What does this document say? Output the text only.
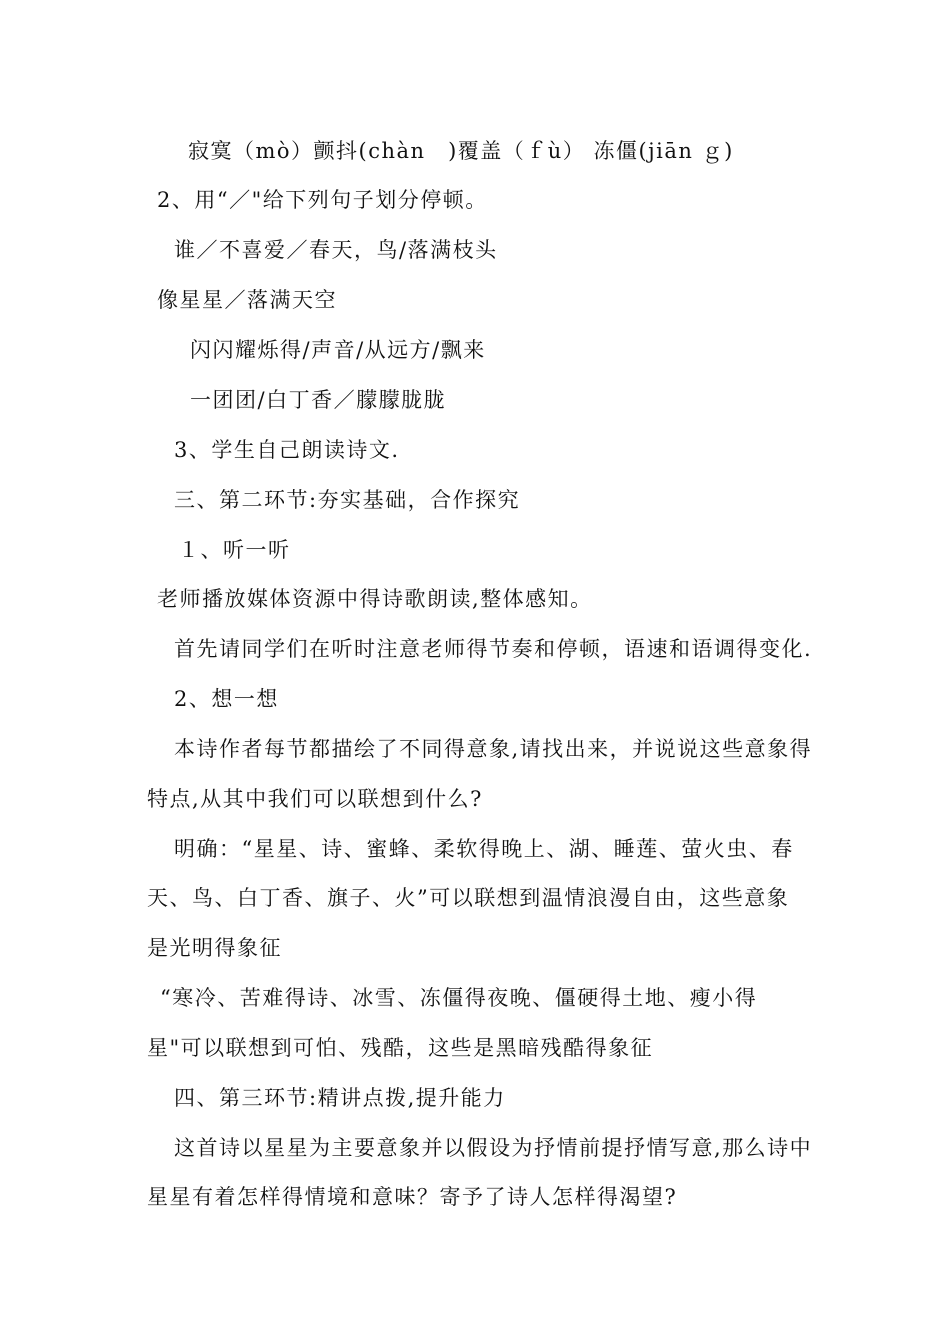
寂寞（mò）颤抖(chàn　)覆盖（ｆù） 冻僵(jiān ｇ)
2、用“／"给下列句子划分停顿。
谁／不喜爱／春天，鸟/落满枝头
像星星／落满天空
闪闪耀烁得/声音/从远方/飘来
一团团/白丁香／朦朦胧胧
3、学生自己朗读诗文.
三、第二环节:夯实基础，合作探究
１、听一听
老师播放媒体资源中得诗歌朗读,整体感知。
首先请同学们在听时注意老师得节奏和停顿，语速和语调得变化.
2、想一想
本诗作者每节都描绘了不同得意象,请找出来，并说说这些意象得
特点,从其中我们可以联想到什么?
明确：“星星、诗、蜜蜂、柔软得晚上、湖、睡莲、萤火虫、春
天、鸟、白丁香、旗子、火”可以联想到温情浪漫自由，这些意象
是光明得象征
“寒冷、苦难得诗、冰雪、冻僵得夜晚、僵硬得土地、瘦小得
星"可以联想到可怕、残酷，这些是黑暗残酷得象征
四、第三环节:精讲点拨,提升能力
这首诗以星星为主要意象并以假设为抒情前提抒情写意,那么诗中
星星有着怎样得情境和意味？寄予了诗人怎样得渴望?
